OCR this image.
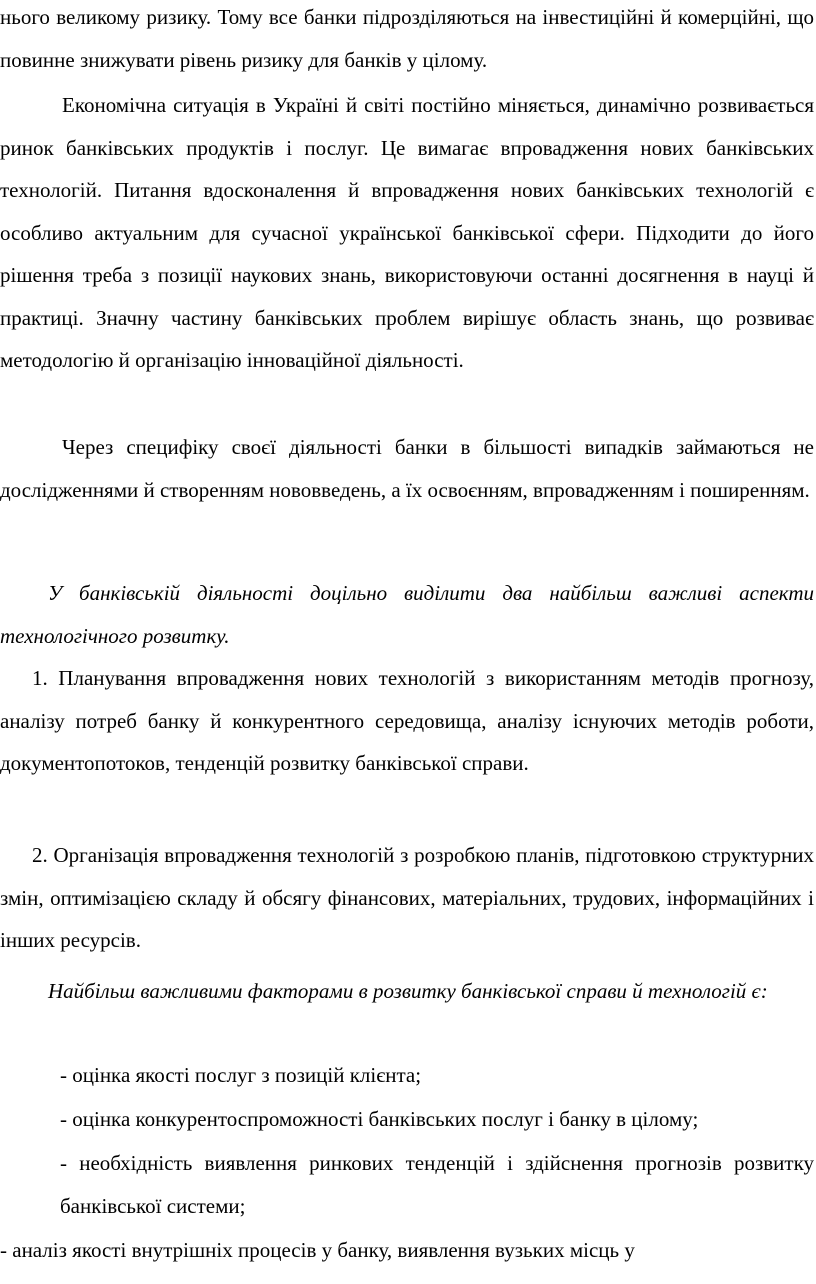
нього великому ризику. Тому все банки підрозділяються на інвестиційні й комерційні, що повинне знижувати рівень ризику для банків у цілому.

Економічна ситуація в Україні й світі постійно міняється, динамічно розвивається ринок банківських продуктів і послуг. Це вимагає впровадження нових банківських технологій. Питання вдосконалення й впровадження нових банківських технологій є особливо актуальним для сучасної української банківської сфери. Підходити до його рішення треба з позиції наукових знань, використовуючи останні досягнення в науці й практиці. Значну частину банківських проблем вирішує область знань, що розвиває методологію й організацію інноваційної діяльності.

Через специфіку своєї діяльності банки в більшості випадків займаються не дослідженнями й створенням нововведень, а їх освоєнням, впровадженням і поширенням.

У банківській діяльності доцільно виділити два найбільш важливі аспекти технологічного розвитку.

1. Планування впровадження нових технологій з використанням методів прогнозу, аналізу потреб банку й конкурентного середовища, аналізу існуючих методів роботи, документопотоков, тенденцій розвитку банківської справи.

2. Організація впровадження технологій з розробкою планів, підготовкою структурних змін, оптимізацією складу й обсягу фінансових, матеріальних, трудових, інформаційних і інших ресурсів.

Найбільш важливими факторами в розвитку банківської справи й технологій є:

- оцінка якості послуг з позицій клієнта;

- оцінка конкурентоспроможності банківських послуг і банку в цілому;

- необхідність виявлення ринкових тенденцій і здійснення прогнозів розвитку банківської системи;

- аналіз якості внутрішніх процесів у банку, виявлення вузьких місць у
